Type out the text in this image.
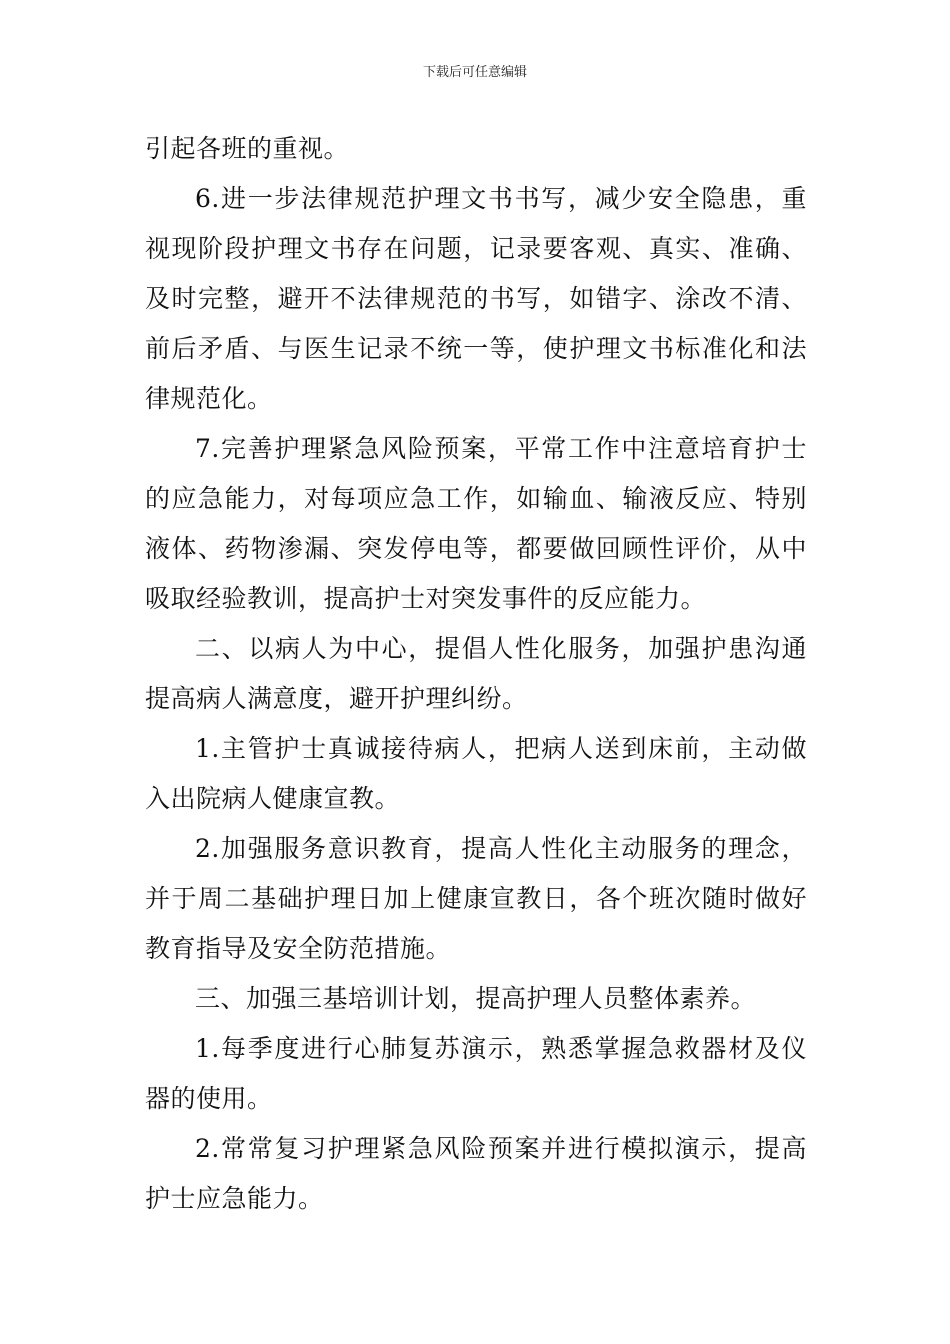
下载后可任意编辑

引起各班的重视。

6.进一步法律规范护理文书书写，减少安全隐患，重
视现阶段护理文书存在问题，记录要客观、真实、准确、
及时完整，避开不法律规范的书写，如错字、涂改不清、
前后矛盾、与医生记录不统一等，使护理文书标准化和法
律规范化。

7.完善护理紧急风险预案，平常工作中注意培育护士
的应急能力，对每项应急工作，如输血、输液反应、特别
液体、药物渗漏、突发停电等，都要做回顾性评价，从中
吸取经验教训，提高护士对突发事件的反应能力。

二、以病人为中心，提倡人性化服务，加强护患沟通
提高病人满意度，避开护理纠纷。

1.主管护士真诚接待病人，把病人送到床前，主动做
入出院病人健康宣教。

2.加强服务意识教育，提高人性化主动服务的理念，
并于周二基础护理日加上健康宣教日，各个班次随时做好
教育指导及安全防范措施。

三、加强三基培训计划，提高护理人员整体素养。

1.每季度进行心肺复苏演示，熟悉掌握急救器材及仪
器的使用。

2.常常复习护理紧急风险预案并进行模拟演示，提高
护士应急能力。
